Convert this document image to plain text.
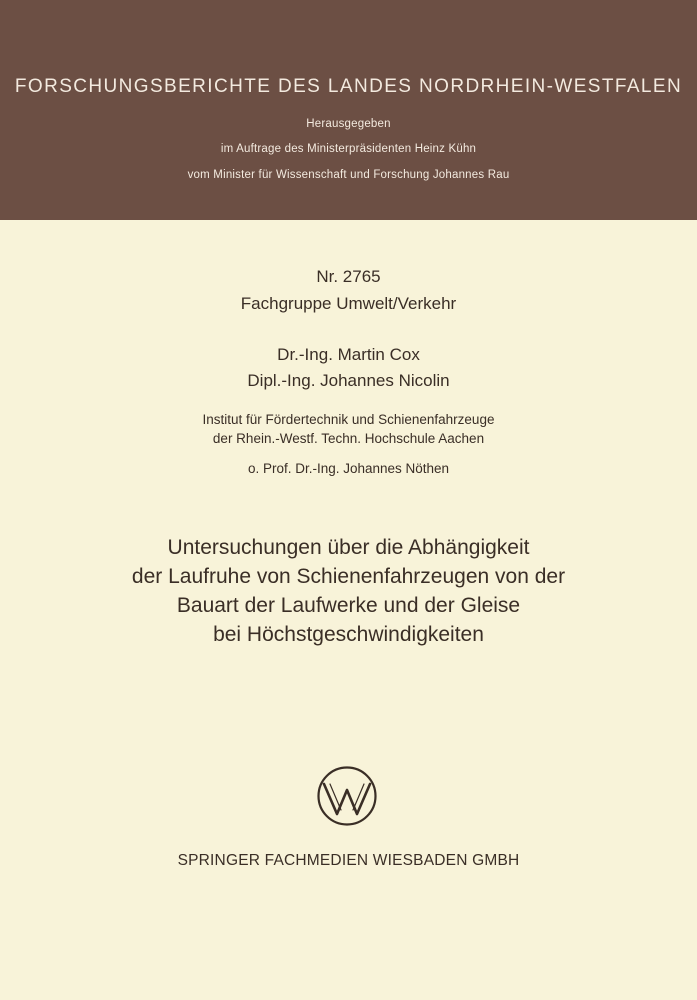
FORSCHUNGSBERICHTE DES LANDES NORDRHEIN-WESTFALEN
Herausgegeben
im Auftrage des Ministerpräsidenten Heinz Kühn
vom Minister für Wissenschaft und Forschung Johannes Rau
Nr. 2765
Fachgruppe Umwelt/Verkehr
Dr.-Ing. Martin Cox
Dipl.-Ing. Johannes Nicolin
Institut für Fördertechnik und Schienenfahrzeuge
der Rhein.-Westf. Techn. Hochschule Aachen
o. Prof. Dr.-Ing. Johannes Nöthen
Untersuchungen über die Abhängigkeit
der Laufruhe von Schienenfahrzeugen von der
Bauart der Laufwerke und der Gleise
bei Höchstgeschwindigkeiten
SPRINGER FACHMEDIEN WIESBADEN GMBH
